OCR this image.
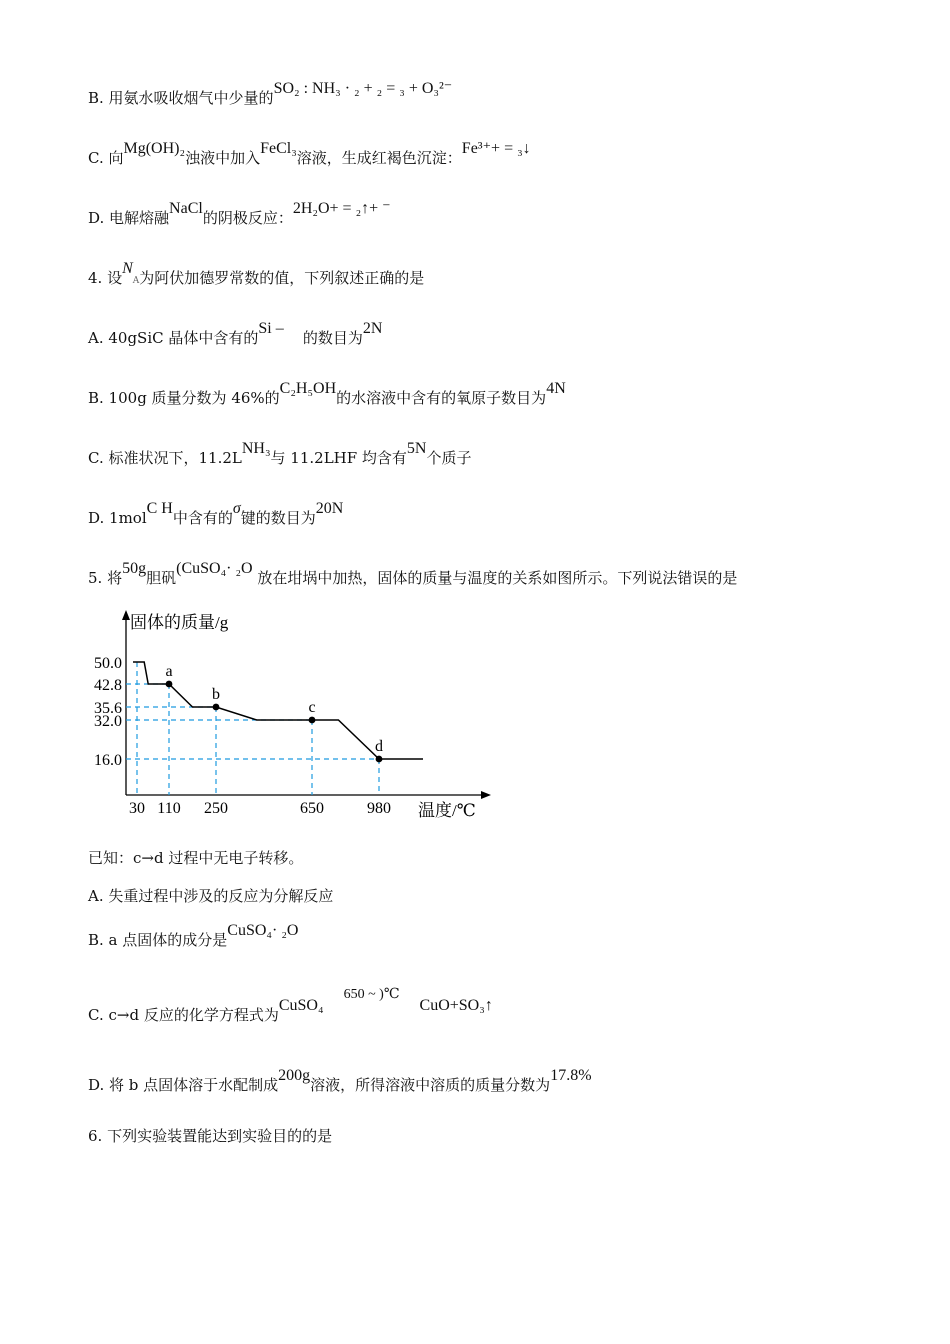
B. 用氨水吸收烟气中少量的SO₂ : NH₃ · ₂ + ₂ = ₃ + O₃²⁻
C. 向Mg(OH)₂浊液中加入FeCl₃溶液，生成红褐色沉淀：Fe³⁺+ = ₃↓
D. 电解熔融NaCl的阴极反应：2H₂O+ = ₂↑+ ⁻
4. 设NA为阿伏加德罗常数的值，下列叙述正确的是
A. 40gSiC 晶体中含有的Si –    的数目为2N
B. 100g 质量分数为 46%的C₂H₅OH的水溶液中含有的氧原子数目为4N
C. 标准状况下，11.2LNH₃与 11.2LHF 均含有5N个质子
D. 1molC H中含有的σ键的数目为20N
5. 将50g胆矾(CuSO₄· ₂O 放在坩埚中加热，固体的质量与温度的关系如图所示。下列说法错误的是
固体的质量/g
温度/℃
50.0
42.8
35.6
32.0
16.0
30 110 250	650	980
a
b
c
d
已知：c→d 过程中无电子转移。
A. 失重过程中涉及的反应为分解反应
B. a 点固体的成分是CuSO₄· ₂O
C. c→d 反应的化学方程式为CuSO₄650 ~ )℃CuO+SO₃↑
D. 将 b 点固体溶于水配制成200g溶液，所得溶液中溶质的质量分数为17.8%
6. 下列实验装置能达到实验目的的是
